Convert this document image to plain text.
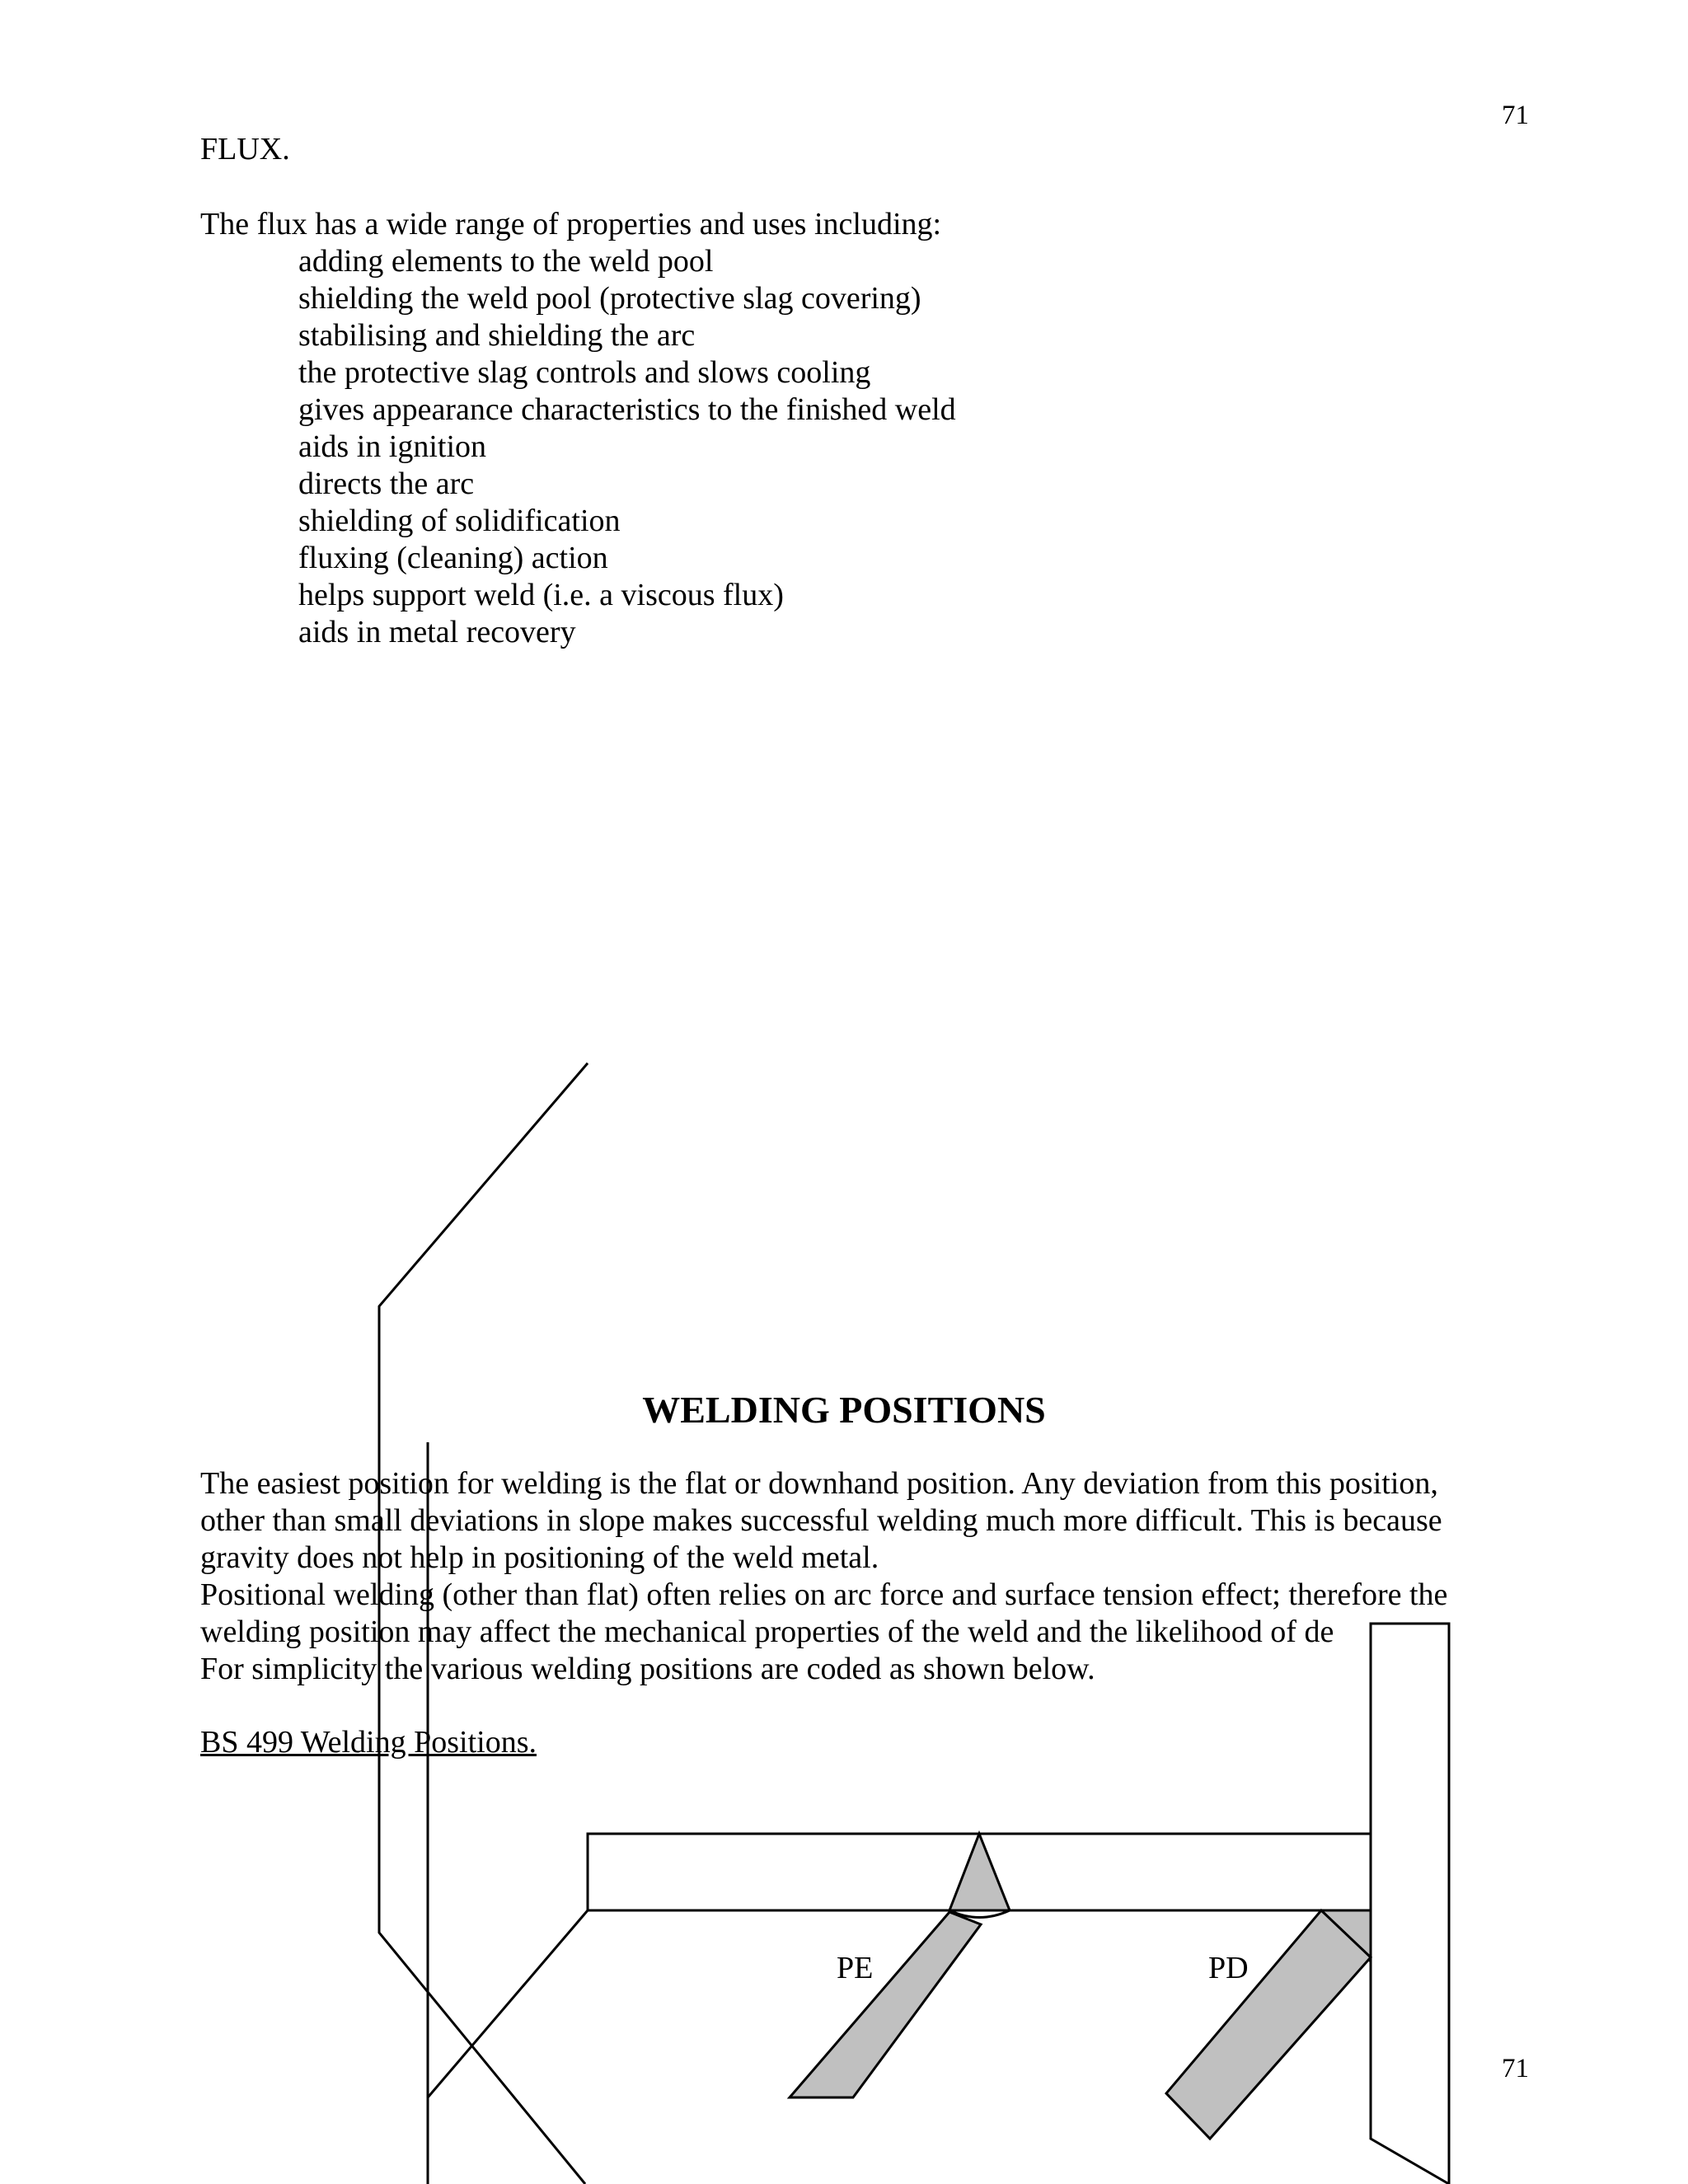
71
FLUX.

The flux has a wide range of properties and uses including:

adding elements to the weld pool
shielding the weld pool (protective slag covering)
stabilising and shielding the arc
the protective slag controls and slows cooling
gives appearance characteristics to the finished weld
aids in ignition
directs the arc
shielding of solidification
fluxing (cleaning) action
helps support weld (i.e. a viscous flux)
aids in metal recovery
WELDING POSITIONS
The easiest position for welding is the flat or downhand position. Any deviation from this position,
other than small deviations in slope makes successful welding much more difficult. This is because
gravity does not help in positioning of the weld metal.
Positional welding (other than flat) often relies on arc force and surface tension effect; therefore the
welding position may affect the mechanical properties of the weld and the likelihood of de
For simplicity the various welding positions are coded as shown below.
BS 499 Welding Positions.
71
PE	PD
